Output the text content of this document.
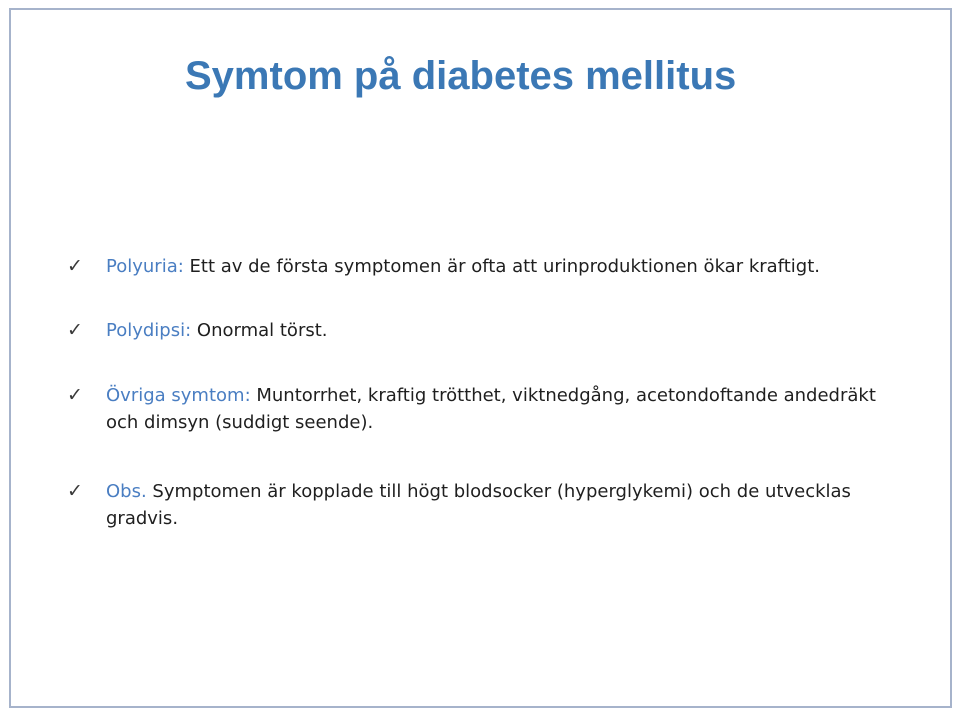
Symtom på diabetes mellitus
✓ Polyuria: Ett av de första symptomen är ofta att urinproduktionen ökar kraftigt.
✓ Polydipsi: Onormal törst.
✓ Övriga symtom: Muntorrhet, kraftig trötthet, viktnedgång, acetondoftande andedräkt och dimsyn (suddigt seende).
✓ Obs. Symptomen är kopplade till högt blodsocker (hyperglykemi) och de utvecklas gradvis.
